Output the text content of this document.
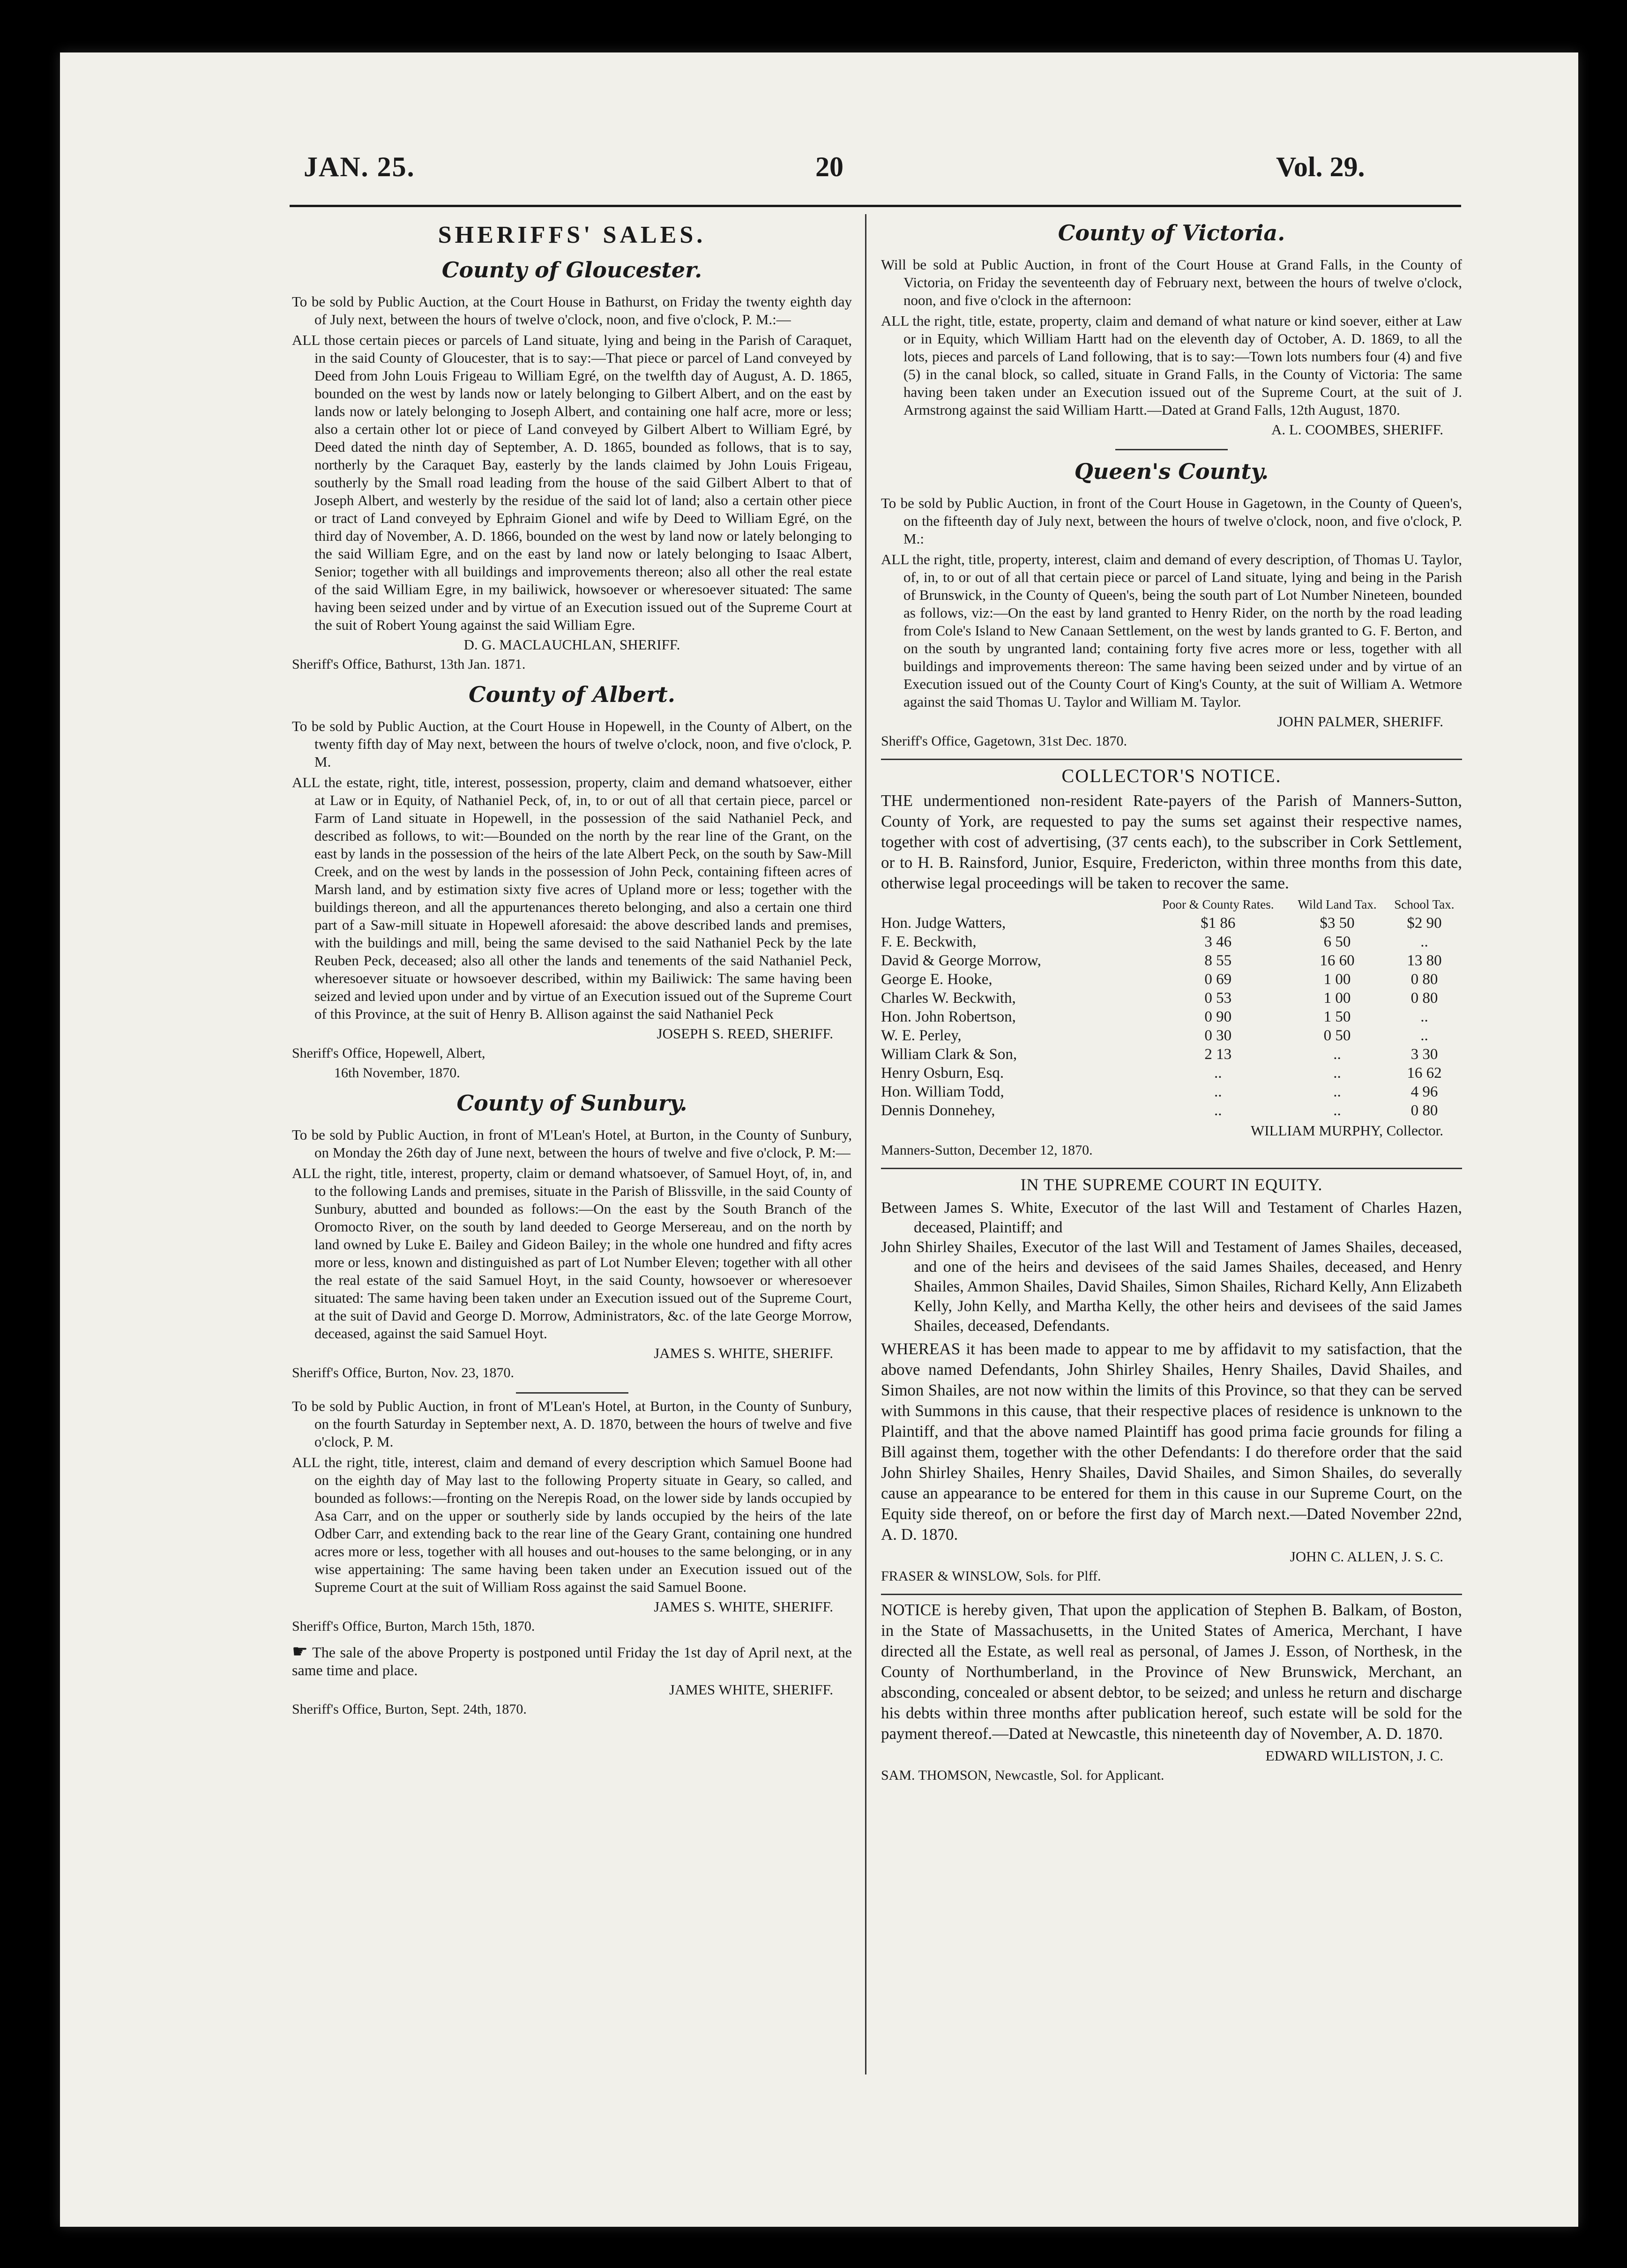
JAN. 25.	20	Vol. 29.
SHERIFFS' SALES.
County of Gloucester.

To be sold by Public Auction, at the Court House in Bathurst, on Friday the twenty eighth day of July next, between the hours of twelve o'clock, noon, and five o'clock, P. M.:—

ALL those certain pieces or parcels of Land situate, lying and being in the Parish of Caraquet, in the said County of Gloucester, that is to say:—That piece or parcel of Land conveyed by Deed from John Louis Frigeau to William Egré, on the twelfth day of August, A. D. 1865, bounded on the west by lands now or lately belonging to Gilbert Albert, and on the east by lands now or lately belonging to Joseph Albert, and containing one half acre, more or less; also a certain other lot or piece of Land conveyed by Gilbert Albert to William Egré, by Deed dated the ninth day of September, A. D. 1865, bounded as follows, that is to say, northerly by the Caraquet Bay, easterly by the lands claimed by John Louis Frigeau, southerly by the Small road leading from the house of the said Gilbert Albert to that of Joseph Albert, and westerly by the residue of the said lot of land; also a certain other piece or tract of Land conveyed by Ephraim Gionel and wife by Deed to William Egré, on the third day of November, A. D. 1866, bounded on the west by land now or lately belonging to the said William Egre, and on the east by land now or lately belonging to Isaac Albert, Senior; together with all buildings and improvements thereon; also all other the real estate of the said William Egre, in my bailiwick, howsoever or wheresoever situated: The same having been seized under and by virtue of an Execution issued out of the Supreme Court at the suit of Robert Young against the said William Egre.

D. G. MACLAUCHLAN, SHERIFF.

Sheriff's Office, Bathurst, 13th Jan. 1871.

County of Albert.

To be sold by Public Auction, at the Court House in Hopewell, in the County of Albert, on the twenty fifth day of May next, between the hours of twelve o'clock, noon, and five o'clock, P. M.

ALL the estate, right, title, interest, possession, property, claim and demand whatsoever, either at Law or in Equity, of Nathaniel Peck, of, in, to or out of all that certain piece, parcel or Farm of Land situate in Hopewell, in the possession of the said Nathaniel Peck, and described as follows, to wit:—Bounded on the north by the rear line of the Grant, on the east by lands in the possession of the heirs of the late Albert Peck, on the south by Saw-Mill Creek, and on the west by lands in the possession of John Peck, containing fifteen acres of Marsh land, and by estimation sixty five acres of Upland more or less; together with the buildings thereon, and all the appurtenances thereto belonging, and also a certain one third part of a Saw-mill situate in Hopewell aforesaid: the above described lands and premises, with the buildings and mill, being the same devised to the said Nathaniel Peck by the late Reuben Peck, deceased; also all other the lands and tenements of the said Nathaniel Peck, wheresoever situate or howsoever described, within my Bailiwick: The same having been seized and levied upon under and by virtue of an Execution issued out of the Supreme Court of this Province, at the suit of Henry B. Allison against the said Nathaniel Peck

JOSEPH S. REED, SHERIFF.

Sheriff's Office, Hopewell, Albert,

16th November, 1870.

County of Sunbury.

To be sold by Public Auction, in front of M'Lean's Hotel, at Burton, in the County of Sunbury, on Monday the 26th day of June next, between the hours of twelve and five o'clock, P. M:—

ALL the right, title, interest, property, claim or demand whatsoever, of Samuel Hoyt, of, in, and to the following Lands and premises, situate in the Parish of Blissville, in the said County of Sunbury, abutted and bounded as follows:—On the east by the South Branch of the Oromocto River, on the south by land deeded to George Mersereau, and on the north by land owned by Luke E. Bailey and Gideon Bailey; in the whole one hundred and fifty acres more or less, known and distinguished as part of Lot Number Eleven; together with all other the real estate of the said Samuel Hoyt, in the said County, howsoever or wheresoever situated: The same having been taken under an Execution issued out of the Supreme Court, at the suit of David and George D. Morrow, Administrators, &c. of the late George Morrow, deceased, against the said Samuel Hoyt.

JAMES S. WHITE, SHERIFF.

Sheriff's Office, Burton, Nov. 23, 1870.

To be sold by Public Auction, in front of M'Lean's Hotel, at Burton, in the County of Sunbury, on the fourth Saturday in September next, A. D. 1870, between the hours of twelve and five o'clock, P. M.

ALL the right, title, interest, claim and demand of every description which Samuel Boone had on the eighth day of May last to the following Property situate in Geary, so called, and bounded as follows:—fronting on the Nerepis Road, on the lower side by lands occupied by Asa Carr, and on the upper or southerly side by lands occupied by the heirs of the late Odber Carr, and extending back to the rear line of the Geary Grant, containing one hundred acres more or less, together with all houses and out-houses to the same belonging, or in any wise appertaining: The same having been taken under an Execution issued out of the Supreme Court at the suit of William Ross against the said Samuel Boone.

JAMES S. WHITE, SHERIFF.

Sheriff's Office, Burton, March 15th, 1870.

☛ The sale of the above Property is postponed until Friday the 1st day of April next, at the same time and place.

JAMES WHITE, SHERIFF.

Sheriff's Office, Burton, Sept. 24th, 1870.

County of Victoria.

Will be sold at Public Auction, in front of the Court House at Grand Falls, in the County of Victoria, on Friday the seventeenth day of February next, between the hours of twelve o'clock, noon, and five o'clock in the afternoon:

ALL the right, title, estate, property, claim and demand of what nature or kind soever, either at Law or in Equity, which William Hartt had on the eleventh day of October, A. D. 1869, to all the lots, pieces and parcels of Land following, that is to say:—Town lots numbers four (4) and five (5) in the canal block, so called, situate in Grand Falls, in the County of Victoria: The same having been taken under an Execution issued out of the Supreme Court, at the suit of J. Armstrong against the said William Hartt.—Dated at Grand Falls, 12th August, 1870.

A. L. COOMBES, SHERIFF.

Queen's County.

To be sold by Public Auction, in front of the Court House in Gagetown, in the County of Queen's, on the fifteenth day of July next, between the hours of twelve o'clock, noon, and five o'clock, P. M.:

ALL the right, title, property, interest, claim and demand of every description, of Thomas U. Taylor, of, in, to or out of all that certain piece or parcel of Land situate, lying and being in the Parish of Brunswick, in the County of Queen's, being the south part of Lot Number Nineteen, bounded as follows, viz:—On the east by land granted to Henry Rider, on the north by the road leading from Cole's Island to New Canaan Settlement, on the west by lands granted to G. F. Berton, and on the south by ungranted land; containing forty five acres more or less, together with all buildings and improvements thereon: The same having been seized under and by virtue of an Execution issued out of the County Court of King's County, at the suit of William A. Wetmore against the said Thomas U. Taylor and William M. Taylor.

JOHN PALMER, SHERIFF.

Sheriff's Office, Gagetown, 31st Dec. 1870.

COLLECTOR'S NOTICE.

THE undermentioned non-resident Rate-payers of the Parish of Manners-Sutton, County of York, are requested to pay the sums set against their respective names, together with cost of advertising, (37 cents each), to the subscriber in Cork Settlement, or to H. B. Rainsford, Junior, Esquire, Fredericton, within three months from this date, otherwise legal proceedings will be taken to recover the same.

	Poor & County Rates.	Wild Land Tax.	School Tax.
Hon. Judge Watters,	$1 86	$3 50	$2 90
F. E. Beckwith,	3 46	6 50	..
David & George Morrow,	8 55	16 60	13 80
George E. Hooke,	0 69	1 00	0 80
Charles W. Beckwith,	0 53	1 00	0 80
Hon. John Robertson,	0 90	1 50	..
W. E. Perley,	0 30	0 50	..
William Clark & Son,	2 13	..	3 30
Henry Osburn, Esq.	..	..	16 62
Hon. William Todd,	..	..	4 96
Dennis Donnehey,	..	..	0 80

WILLIAM MURPHY, Collector.

Manners-Sutton, December 12, 1870.

IN THE SUPREME COURT IN EQUITY.

Between James S. White, Executor of the last Will and Testament of Charles Hazen, deceased, Plaintiff; and

John Shirley Shailes, Executor of the last Will and Testament of James Shailes, deceased, and one of the heirs and devisees of the said James Shailes, deceased, and Henry Shailes, Ammon Shailes, David Shailes, Simon Shailes, Richard Kelly, Ann Elizabeth Kelly, John Kelly, and Martha Kelly, the other heirs and devisees of the said James Shailes, deceased, Defendants.

WHEREAS it has been made to appear to me by affidavit to my satisfaction, that the above named Defendants, John Shirley Shailes, Henry Shailes, David Shailes, and Simon Shailes, are not now within the limits of this Province, so that they can be served with Summons in this cause, that their respective places of residence is unknown to the Plaintiff, and that the above named Plaintiff has good prima facie grounds for filing a Bill against them, together with the other Defendants: I do therefore order that the said John Shirley Shailes, Henry Shailes, David Shailes, and Simon Shailes, do severally cause an appearance to be entered for them in this cause in our Supreme Court, on the Equity side thereof, on or before the first day of March next.—Dated November 22nd, A. D. 1870.

JOHN C. ALLEN, J. S. C.

FRASER & WINSLOW, Sols. for Plff.

NOTICE is hereby given, That upon the application of Stephen B. Balkam, of Boston, in the State of Massachusetts, in the United States of America, Merchant, I have directed all the Estate, as well real as personal, of James J. Esson, of Northesk, in the County of Northumberland, in the Province of New Brunswick, Merchant, an absconding, concealed or absent debtor, to be seized; and unless he return and discharge his debts within three months after publication hereof, such estate will be sold for the payment thereof.—Dated at Newcastle, this nineteenth day of November, A. D. 1870.

EDWARD WILLISTON, J. C.

SAM. THOMSON, Newcastle, Sol. for Applicant.
